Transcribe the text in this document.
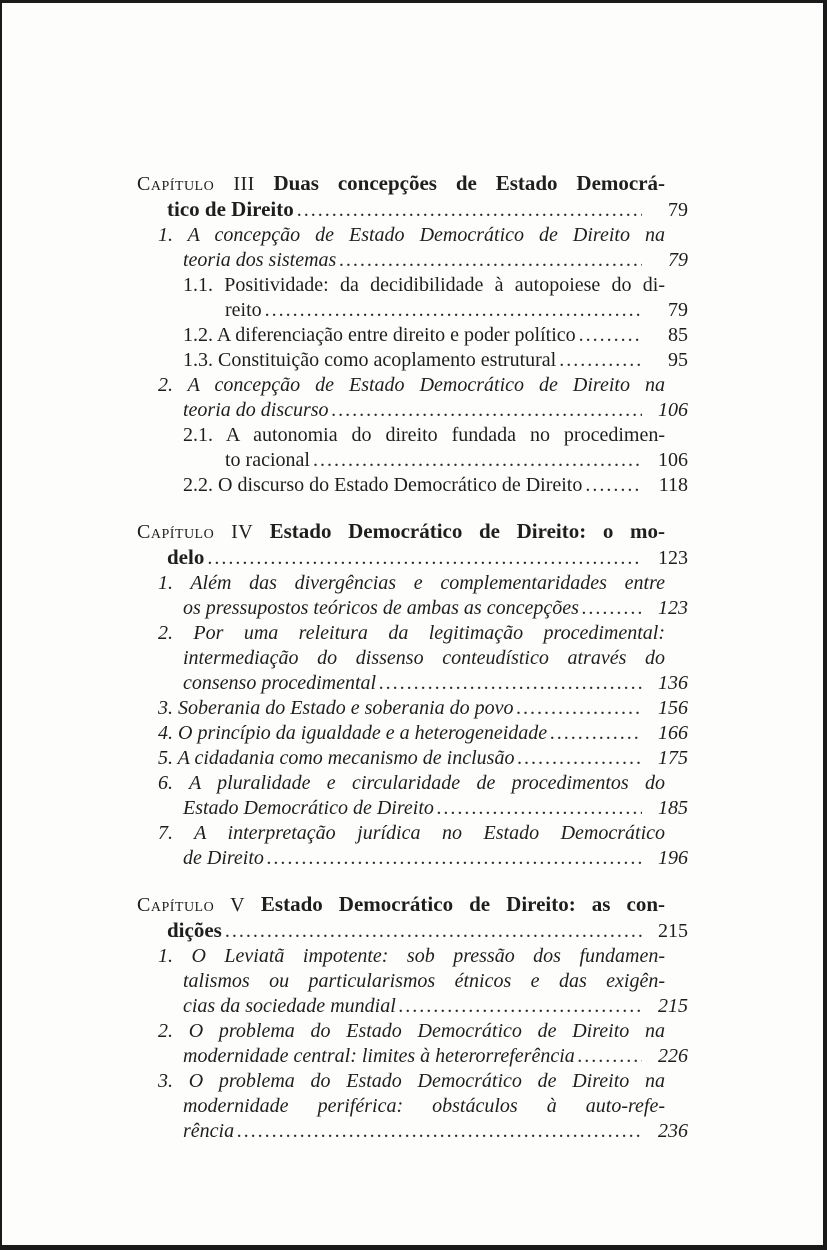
Capítulo III Duas concepções de Estado Democrá-
tico de Direito .....	79
1. A concepção de Estado Democrático de Direito na
teoria dos sistemas .....	79
1.1. Positividade: da decidibilidade à autopoiese do di-
reito .....	79
1.2. A diferenciação entre direito e poder político .....	85
1.3. Constituição como acoplamento estrutural .....	95
2. A concepção de Estado Democrático de Direito na
teoria do discurso .....	106
2.1. A autonomia do direito fundada no procedimen-
to racional .....	106
2.2. O discurso do Estado Democrático de Direito .....	118
Capítulo IV Estado Democrático de Direito: o mo-
delo .....	123
1. Além das divergências e complementaridades entre
os pressupostos teóricos de ambas as concepções .....	123
2. Por uma releitura da legitimação procedimental:
intermediação do dissenso conteudístico através do
consenso procedimental .....	136
3. Soberania do Estado e soberania do povo .....	156
4. O princípio da igualdade e a heterogeneidade .....	166
5. A cidadania como mecanismo de inclusão .....	175
6. A pluralidade e circularidade de procedimentos do
Estado Democrático de Direito .....	185
7. A interpretação jurídica no Estado Democrático
de Direito .....	196
Capítulo V Estado Democrático de Direito: as con-
dições .....	215
1. O Leviatã impotente: sob pressão dos fundamen-
talismos ou particularismos étnicos e das exigên-
cias da sociedade mundial .....	215
2. O problema do Estado Democrático de Direito na
modernidade central: limites à heterorreferência .....	226
3. O problema do Estado Democrático de Direito na
modernidade periférica: obstáculos à auto-refe-
rência .....	236
